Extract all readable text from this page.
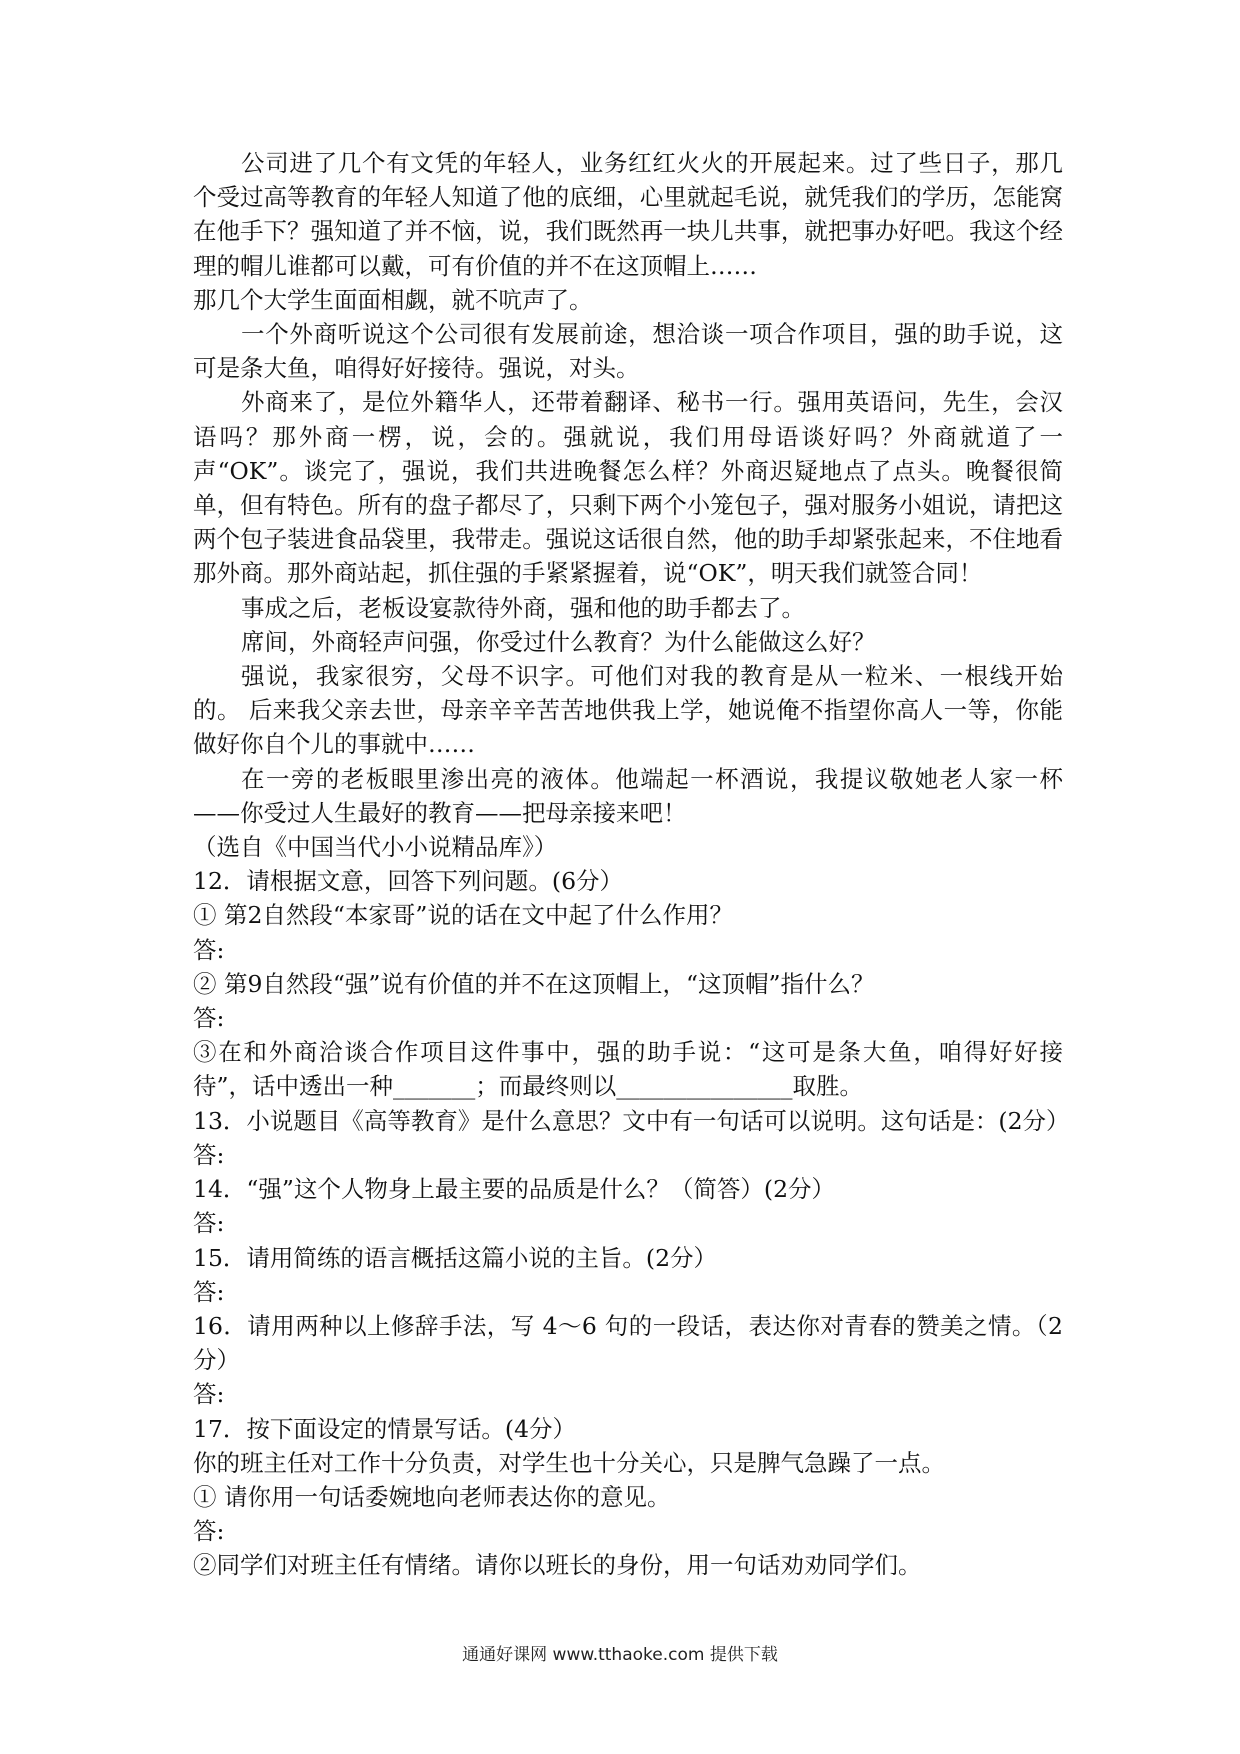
公司进了几个有文凭的年轻人，业务红红火火的开展起来。过了些日子，那几个受过高等教育的年轻人知道了他的底细，心里就起毛说，就凭我们的学历，怎能窝在他手下？强知道了并不恼，说，我们既然再一块儿共事，就把事办好吧。我这个经理的帽儿谁都可以戴，可有价值的并不在这顶帽上……

那几个大学生面面相觑，就不吭声了。

一个外商听说这个公司很有发展前途，想洽谈一项合作项目，强的助手说，这可是条大鱼，咱得好好接待。强说，对头。

外商来了，是位外籍华人，还带着翻译、秘书一行。强用英语问，先生，会汉语吗？那外商一楞，说，会的。强就说，我们用母语谈好吗？外商就道了一声“OK”。谈完了，强说，我们共进晚餐怎么样？外商迟疑地点了点头。晚餐很简单，但有特色。所有的盘子都尽了，只剩下两个小笼包子，强对服务小姐说，请把这两个包子装进食品袋里，我带走。强说这话很自然，他的助手却紧张起来，不住地看那外商。那外商站起，抓住强的手紧紧握着，说“OK”，明天我们就签合同！

事成之后，老板设宴款待外商，强和他的助手都去了。

席间，外商轻声问强，你受过什么教育？为什么能做这么好？

强说，我家很穷，父母不识字。可他们对我的教育是从一粒米、一根线开始的。 后来我父亲去世，母亲辛辛苦苦地供我上学，她说俺不指望你高人一等，你能做好你自个儿的事就中……

在一旁的老板眼里渗出亮的液体。他端起一杯酒说，我提议敬她老人家一杯——你受过人生最好的教育——把母亲接来吧！

（选自《中国当代小小说精品库》）

12．请根据文意，回答下列问题。(6分）

① 第2自然段“本家哥”说的话在文中起了什么作用？

答:

② 第9自然段“强”说有价值的并不在这顶帽上，“这顶帽”指什么？

答:

③在和外商洽谈合作项目这件事中，强的助手说：“这可是条大鱼，咱得好好接待”，话中透出一种_______；而最终则以_______________取胜。

13．小说题目《高等教育》是什么意思？文中有一句话可以说明。这句话是：(2分）

答:

14．“强”这个人物身上最主要的品质是什么？（简答）(2分）

答:

15．请用简练的语言概括这篇小说的主旨。(2分）

答:

16．请用两种以上修辞手法，写 4～6 句的一段话，表达你对青春的赞美之情。（2分）

答:

17．按下面设定的情景写话。(4分）

你的班主任对工作十分负责，对学生也十分关心，只是脾气急躁了一点。

① 请你用一句话委婉地向老师表达你的意见。

答:

②同学们对班主任有情绪。请你以班长的身份，用一句话劝劝同学们。

通通好课网 www.tthaoke.com 提供下载
